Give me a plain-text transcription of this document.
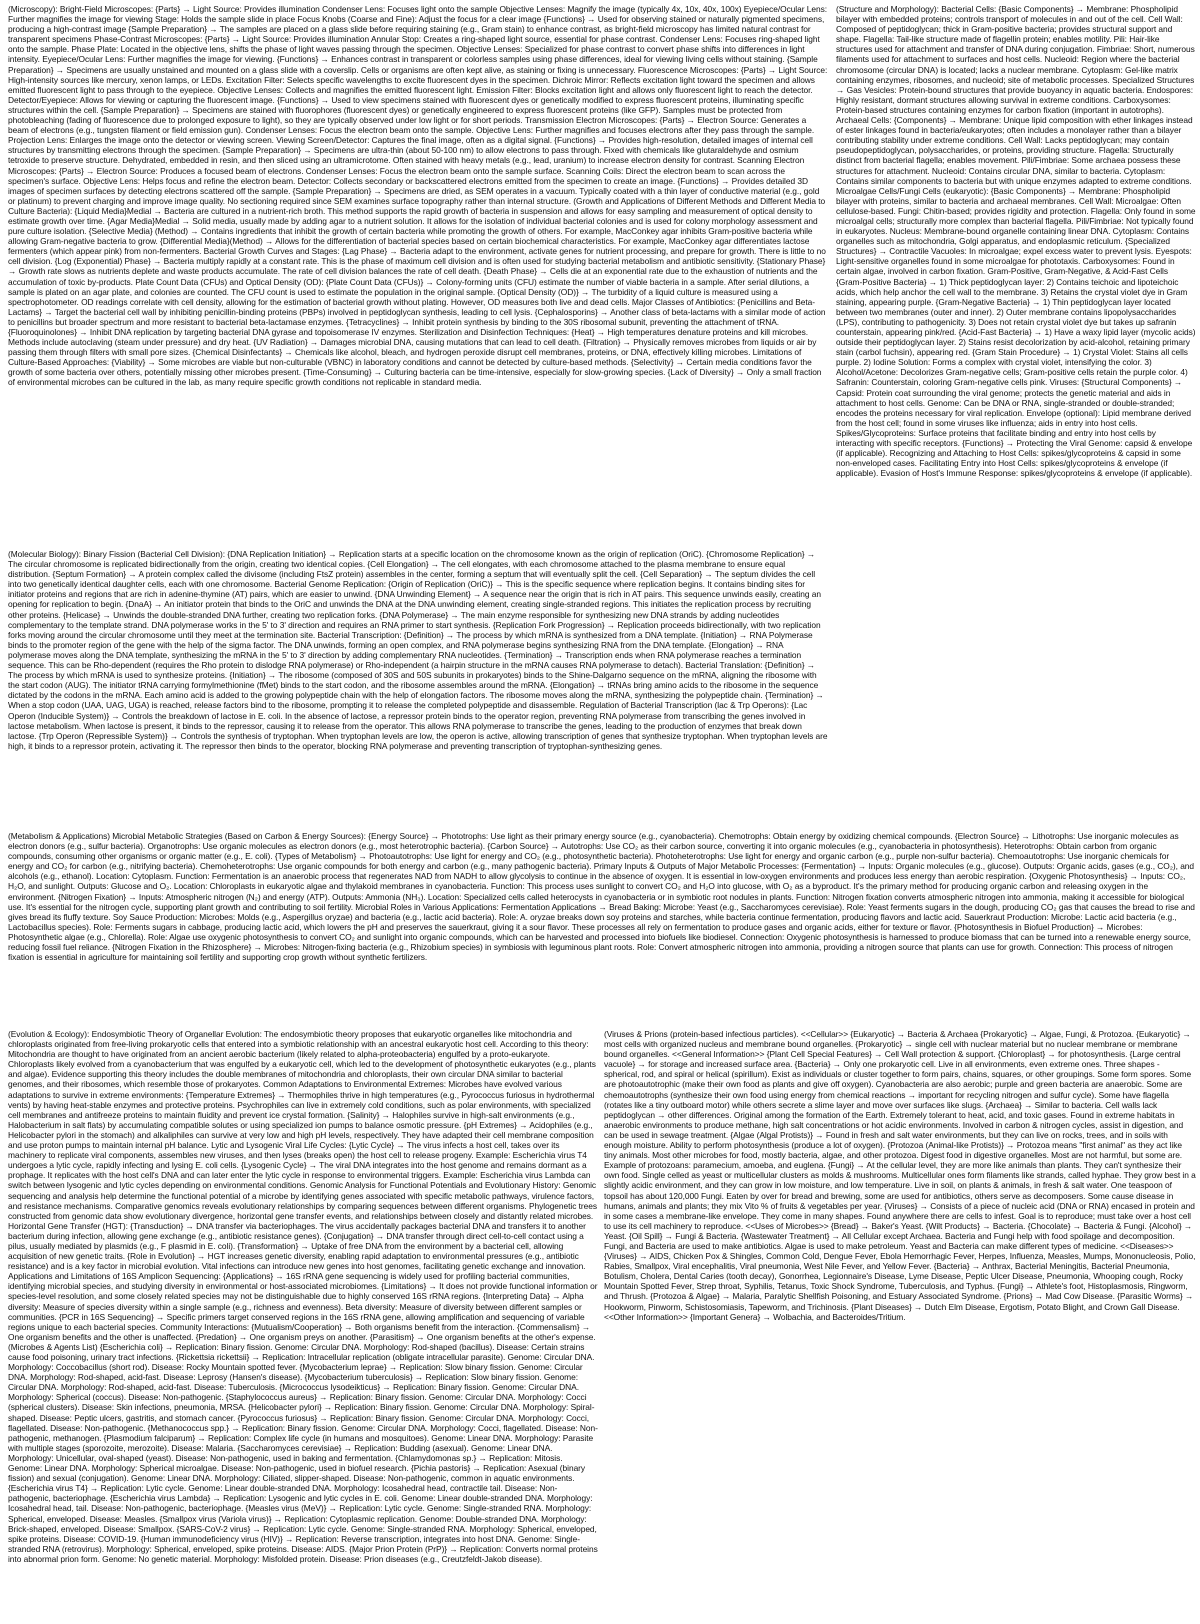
(Microscopy): Bright-Field Microscopes: {Parts} → Light Source: Provides illumination Condenser Lens: Focuses light onto the sample Objective Lenses: Magnify the image (typically 4x, 10x, 40x, 100x) Eyepiece/Ocular Lens: Further magnifies the image for viewing Stage: Holds the sample slide in place Focus Knobs (Coarse and Fine): Adjust the focus for a clear image {Functions} → Used for observing stained or naturally pigmented specimens, producing a high-contrast image {Sample Preparation} → The samples are placed on a glass slide before requiring staining (e.g., Gram stain) to enhance contrast, as bright-field microscopy has limited natural contrast for transparent specimens Phase-Contrast Microscopes: {Parts} → Light Source: Provides illumination Annular Stop: Creates a ring-shaped light source, essential for phase contrast. Condenser Lens: Focuses ring-shaped light onto the sample. Phase Plate: Located in the objective lens, shifts the phase of light waves passing through the specimen. Objective Lenses: Specialized for phase contrast to convert phase shifts into differences in light intensity. Eyepiece/Ocular Lens: Further magnifies the image for viewing. {Functions} → Enhances contrast in transparent or colorless samples using phase differences, ideal for viewing living cells without staining. {Sample Preparation} → Specimens are usually unstained and mounted on a glass slide with a coverslip. Cells or organisms are often kept alive, as staining or fixing is unnecessary. Fluorescence Microscopes: {Parts} → Light Source: High-intensity sources like mercury, xenon lamps, or LEDs. Excitation Filter: Selects specific wavelengths to excite fluorescent dyes in the specimen. Dichroic Mirror: Reflects excitation light toward the specimen and allows emitted fluorescent light to pass through to the eyepiece. Objective Lenses: Collects and magnifies the emitted fluorescent light. Emission Filter: Blocks excitation light and allows only fluorescent light to reach the detector. Detector/Eyepiece: Allows for viewing or capturing the fluorescent image. {Functions} → Used to view specimens stained with fluorescent dyes or genetically modified to express fluorescent proteins, illuminating specific structures within the cell. {Sample Preparation} → Specimens are stained with fluorophores (fluorescent dyes) or genetically engineered to express fluorescent proteins (like GFP). Samples must be protected from photobleaching (fading of fluorescence due to prolonged exposure to light), so they are typically observed under low light or for short periods. Transmission Electron Microscopes: {Parts} → Electron Source: Generates a beam of electrons (e.g., tungsten filament or field emission gun). Condenser Lenses: Focus the electron beam onto the sample. Objective Lens: Further magnifies and focuses electrons after they pass through the sample. Projection Lens: Enlarges the image onto the detector or viewing screen. Viewing Screen/Detector: Captures the final image, often as a digital signal. {Functions} → Provides high-resolution, detailed images of internal cell structures by transmitting electrons through the specimen. {Sample Preparation} → Specimens are ultra-thin (about 50-100 nm) to allow electrons to pass through. Fixed with chemicals like glutaraldehyde and osmium tetroxide to preserve structure. Dehydrated, embedded in resin, and then sliced using an ultramicrotome. Often stained with heavy metals (e.g., lead, uranium) to increase electron density for contrast. Scanning Electron Microscopes: {Parts} → Electron Source: Produces a focused beam of electrons. Condenser Lenses: Focus the electron beam onto the sample surface. Scanning Coils: Direct the electron beam to scan across the specimen's surface. Objective Lens: Helps focus and refine the electron beam. Detector: Collects secondary or backscattered electrons emitted from the specimen to create an image. {Functions} → Provides detailed 3D images of specimen surfaces by detecting electrons scattered off the sample. {Sample Preparation} → Specimens are dried, as SEM operates in a vacuum. Typically coated with a thin layer of conductive material (e.g., gold or platinum) to prevent charging and improve image quality. No sectioning required since SEM examines surface topography rather than internal structure. (Growth and Applications of Different Methods and Different Media to Culture Bacteria): {Liquid Media}Medial → Bacteria are cultured in a nutrient-rich broth. This method supports the rapid growth of bacteria in suspension and allows for easy sampling and measurement of optical density to estimate growth over time. {Agar Media}Medial → Solid media, usually made by adding agar to a nutrient solution. It allows for the isolation of individual bacterial colonies and is used for colony morphology assessment and pure culture isolation. {Selective Media} (Method) → Contains ingredients that inhibit the growth of certain bacteria while promoting the growth of others. For example, MacConkey agar inhibits Gram-positive bacteria while allowing Gram-negative bacteria to grow. {Differential Media}(Method) → Allows for the differentiation of bacterial species based on certain biochemical characteristics. For example, MacConkey agar differentiates lactose fermenters (which appear pink) from non-fermenters. Bacterial Growth Curves and Stages: {Lag Phase} → Bacteria adapt to the environment, activate genes for nutrient processing, and prepare for growth. There is little to no cell division. {Log (Exponential) Phase} → Bacteria multiply rapidly at a constant rate. This is the phase of maximum cell division and is often used for studying bacterial metabolism and antibiotic sensitivity. {Stationary Phase} → Growth rate slows as nutrients deplete and waste products accumulate. The rate of cell division balances the rate of cell death. {Death Phase} → Cells die at an exponential rate due to the exhaustion of nutrients and the accumulation of toxic by-products. Plate Count Data (CFUs) and Optical Density (OD): {Plate Count Data (CFUs)} → Colony-forming units (CFU) estimate the number of viable bacteria in a sample. After serial dilutions, a sample is plated on an agar plate, and colonies are counted. The CFU count is used to estimate the population in the original sample. {Optical Density (OD)} → The turbidity of a liquid culture is measured using a spectrophotometer. OD readings correlate with cell density, allowing for the estimation of bacterial growth without plating. However, OD measures both live and dead cells. Major Classes of Antibiotics: {Penicillins and Beta-Lactams} → Target the bacterial cell wall by inhibiting penicillin-binding proteins (PBPs) involved in peptidoglycan synthesis, leading to cell lysis. {Cephalosporins} → Another class of beta-lactams with a similar mode of action to penicillins but broader spectrum and more resistant to bacterial beta-lactamase enzymes. {Tetracyclines} → Inhibit protein synthesis by binding to the 30S ribosomal subunit, preventing the attachment of tRNA. {Fluoroquinolones} → Inhibit DNA replication by targeting bacterial DNA gyrase and topoisomerase IV enzymes. Sterilization and Disinfection Techniques: {Heat} → High temperatures denature proteins and kill microbes. Methods include autoclaving (steam under pressure) and dry heat. {UV Radiation} → Damages microbial DNA, causing mutations that can lead to cell death. {Filtration} → Physically removes microbes from liquids or air by passing them through filters with small pore sizes. {Chemical Disinfectants} → Chemicals like alcohol, bleach, and hydrogen peroxide disrupt cell membranes, proteins, or DNA, effectively killing microbes. Limitations of Culture-Based Approaches: {Viability} → Some microbes are viable but non-culturable (VBNC) in laboratory conditions and cannot be detected by culture-based methods. {Selectivity} → Certain media conditions favor the growth of some bacteria over others, potentially missing other microbes present. {Time-Consuming} → Culturing bacteria can be time-intensive, especially for slow-growing species. {Lack of Diversity} → Only a small fraction of environmental microbes can be cultured in the lab, as many require specific growth conditions not replicable in standard media.

(Structure and Morphology): Bacterial Cells: {Basic Components} → Membrane: Phospholipid bilayer with embedded proteins; controls transport of molecules in and out of the cell. Cell Wall: Composed of peptidoglycan; thick in Gram-positive bacteria; provides structural support and shape. Flagella: Tail-like structure made of flagellin protein; enables motility. Pili: Hair-like structures used for attachment and transfer of DNA during conjugation. Fimbriae: Short, numerous filaments used for attachment to surfaces and host cells. Nucleoid: Region where the bacterial chromosome (circular DNA) is located; lacks a nuclear membrane. Cytoplasm: Gel-like matrix containing enzymes, ribosomes, and nucleoid; site of metabolic processes. Specialized Structures → Gas Vesicles: Protein-bound structures that provide buoyancy in aquatic bacteria. Endospores: Highly resistant, dormant structures allowing survival in extreme conditions. Carboxysomes: Protein-based structures containing enzymes for carbon fixation (important in autotrophs). Archaeal Cells: {Components} → Membrane: Unique lipid composition with ether linkages instead of ester linkages found in bacteria/eukaryotes; often includes a monolayer rather than a bilayer contributing stability under extreme conditions. Cell Wall: Lacks peptidoglycan; may contain pseudopeptidoglycan, polysaccharides, or proteins, providing structure. Flagella: Structurally distinct from bacterial flagella; enables movement. Pili/Fimbriae: Some archaea possess these structures for attachment. Nucleoid: Contains circular DNA, similar to bacteria. Cytoplasm: Contains similar components to bacteria but with unique enzymes adapted to extreme conditions. Microalgae Cells/Fungi Cells (eukaryotic): {Basic Components} → Membrane: Phospholipid bilayer with proteins, similar to bacteria and archaeal membranes. Cell Wall: Microalgae: Often cellulose-based. Fungi: Chitin-based; provides rigidity and protection. Flagella: Only found in some microalgal cells; structurally more complex than bacterial flagella. Pili/Fimbriae: Not typically found in eukaryotes. Nucleus: Membrane-bound organelle containing linear DNA. Cytoplasm: Contains organelles such as mitochondria, Golgi apparatus, and endoplasmic reticulum. {Specialized Structures} → Contractile Vacuoles: In microalgae; expel excess water to prevent lysis. Eyespots: Light-sensitive organelles found in some microalgae for phototaxis. Carboxysomes: Found in certain algae, involved in carbon fixation. Gram-Positive, Gram-Negative, & Acid-Fast Cells {Gram-Positive Bacteria} → 1) Thick peptidoglycan layer: 2) Contains teichoic and lipoteichoic acids, which help anchor the cell wall to the membrane. 3) Retains the crystal violet dye in Gram staining, appearing purple. {Gram-Negative Bacteria} → 1) Thin peptidoglycan layer located between two membranes (outer and inner). 2) Outer membrane contains lipopolysaccharides (LPS), contributing to pathogenicity. 3) Does not retain crystal violet dye but takes up safranin counterstain, appearing pink/red. {Acid-Fast Bacteria} → 1) Have a waxy lipid layer (mycolic acids) outside their peptidoglycan layer. 2) Stains resist decolorization by acid-alcohol, retaining primary stain (carbol fuchsin), appearing red. {Gram Stain Procedure} → 1) Crystal Violet: Stains all cells purple. 2) Iodine Solution: Forms a complex with crystal violet, intensifying the color. 3) Alcohol/Acetone: Decolorizes Gram-negative cells; Gram-positive cells retain the purple color. 4) Safranin: Counterstain, coloring Gram-negative cells pink. Viruses: {Structural Components} → Capsid: Protein coat surrounding the viral genome; protects the genetic material and aids in attachment to host cells. Genome: Can be DNA or RNA, single-stranded or double-stranded; encodes the proteins necessary for viral replication. Envelope (optional): Lipid membrane derived from the host cell; found in some viruses like influenza; aids in entry into host cells. Spikes/Glycoproteins: Surface proteins that facilitate binding and entry into host cells by interacting with specific receptors. {Functions} → Protecting the Viral Genome: capsid & envelope (if applicable). Recognizing and Attaching to Host Cells: spikes/glycoproteins & capsid in some non-enveloped cases. Facilitating Entry into Host Cells: spikes/glycoproteins & envelope (if applicable). Evasion of Host's Immune Response: spikes/glycoproteins & envelope (if applicable).

(Molecular Biology): Binary Fission (Bacterial Cell Division): {DNA Replication Initiation} → Replication starts at a specific location on the chromosome known as the origin of replication (OriC). {Chromosome Replication} → The circular chromosome is replicated bidirectionally from the origin, creating two identical copies. {Cell Elongation} → The cell elongates, with each chromosome attached to the plasma membrane to ensure equal distribution. {Septum Formation} → A protein complex called the divisome (including FtsZ protein) assembles in the center, forming a septum that will eventually split the cell. {Cell Separation} → The septum divides the cell into two genetically identical daughter cells, each with one chromosome. Bacterial Genome Replication: {Origin of Replication (OriC)} → This is the specific sequence where replication begins. It contains binding sites for initiator proteins and regions that are rich in adenine-thymine (AT) pairs, which are easier to unwind. {DNA Unwinding Element} → A sequence near the origin that is rich in AT pairs. This sequence unwinds easily, creating an opening for replication to begin. {DnaA} → An initiator protein that binds to the OriC and unwinds the DNA at the DNA unwinding element, creating single-stranded regions. This initiates the replication process by recruiting other proteins. {Helicase} → Unwinds the double-stranded DNA further, creating two replication forks. {DNA Polymerase} → The main enzyme responsible for synthesizing new DNA strands by adding nucleotides complementary to the template strand. DNA polymerase works in the 5' to 3' direction and requires an RNA primer to start synthesis. {Replication Fork Progression} → Replication proceeds bidirectionally, with two replication forks moving around the circular chromosome until they meet at the termination site. Bacterial Transcription: {Definition} → The process by which mRNA is synthesized from a DNA template. {Initiation} → RNA Polymerase binds to the promoter region of the gene with the help of the sigma factor. The DNA unwinds, forming an open complex, and RNA polymerase begins synthesizing RNA from the DNA template. {Elongation} → RNA polymerase moves along the DNA template, synthesizing the mRNA in the 5' to 3' direction by adding complementary RNA nucleotides. {Termination} → Transcription ends when RNA polymerase reaches a termination sequence. This can be Rho-dependent (requires the Rho protein to dislodge RNA polymerase) or Rho-independent (a hairpin structure in the mRNA causes RNA polymerase to detach). Bacterial Translation: {Definition} → The process by which mRNA is used to synthesize proteins. {Initiation} → The ribosome (composed of 30S and 50S subunits in prokaryotes) binds to the Shine-Dalgarno sequence on the mRNA, aligning the ribosome with the start codon (AUG). The initiator tRNA carrying formylmethionine (fMet) binds to the start codon, and the ribosome assembles around the mRNA. {Elongation} → tRNAs bring amino acids to the ribosome in the sequence dictated by the codons in the mRNA. Each amino acid is added to the growing polypeptide chain with the help of elongation factors. The ribosome moves along the mRNA, synthesizing the polypeptide chain. {Termination} → When a stop codon (UAA, UAG, UGA) is reached, release factors bind to the ribosome, prompting it to release the completed polypeptide and disassemble. Regulation of Bacterial Transcription (lac & Trp Operons): {Lac Operon (Inducible System)} → Controls the breakdown of lactose in E. coli. In the absence of lactose, a repressor protein binds to the operator region, preventing RNA polymerase from transcribing the genes involved in lactose metabolism. When lactose is present, it binds to the repressor, causing it to release from the operator. This allows RNA polymerase to transcribe the genes, leading to the production of enzymes that break down lactose. {Trp Operon (Repressible System)} → Controls the synthesis of tryptophan. When tryptophan levels are low, the operon is active, allowing transcription of genes that synthesize tryptophan. When tryptophan levels are high, it binds to a repressor protein, activating it. The repressor then binds to the operator, blocking RNA polymerase and preventing transcription of tryptophan-synthesizing genes.

(Metabolism & Applications) Microbial Metabolic Strategies (Based on Carbon & Energy Sources): {Energy Source} → Phototrophs: Use light as their primary energy source (e.g., cyanobacteria). Chemotrophs: Obtain energy by oxidizing chemical compounds. {Electron Source} → Lithotrophs: Use inorganic molecules as electron donors (e.g., sulfur bacteria). Organotrophs: Use organic molecules as electron donors (e.g., most heterotrophic bacteria). {Carbon Source} → Autotrophs: Use CO₂ as their carbon source, converting it into organic molecules (e.g., cyanobacteria in photosynthesis). Heterotrophs: Obtain carbon from organic compounds, consuming other organisms or organic matter (e.g., E. coli). {Types of Metabolism} → Photoautotrophs: Use light for energy and CO₂ (e.g., photosynthetic bacteria). Photoheterotrophs: Use light for energy and organic carbon (e.g., purple non-sulfur bacteria). Chemoautotrophs: Use inorganic chemicals for energy and CO₂ for carbon (e.g., nitrifying bacteria). Chemoheterotrophs: Use organic compounds for both energy and carbon (e.g., many pathogenic bacteria). Primary Inputs & Outputs of Major Metabolic Processes: {Fermentation} → Inputs: Organic molecules (e.g., glucose). Outputs: Organic acids, gases (e.g., CO₂), and alcohols (e.g., ethanol). Location: Cytoplasm. Function: Fermentation is an anaerobic process that regenerates NAD from NADH to allow glycolysis to continue in the absence of oxygen. It is essential in low-oxygen environments and produces less energy than aerobic respiration. {Oxygenic Photosynthesis} → Inputs: CO₂, H₂O, and sunlight. Outputs: Glucose and O₂. Location: Chloroplasts in eukaryotic algae and thylakoid membranes in cyanobacteria. Function: This process uses sunlight to convert CO₂ and H₂O into glucose, with O₂ as a byproduct. It's the primary method for producing organic carbon and releasing oxygen in the environment. {Nitrogen Fixation} → Inputs: Atmospheric nitrogen (N₂) and energy (ATP). Outputs: Ammonia (NH₃). Location: Specialized cells called heterocysts in cyanobacteria or in symbiotic root nodules in plants. Function: Nitrogen fixation converts atmospheric nitrogen into ammonia, making it accessible for biological use. It's essential for the nitrogen cycle, supporting plant growth and contributing to soil fertility. Microbial Roles in Various Applications: Fermentation Applications → Bread Baking: Microbe: Yeast (e.g., Saccharomyces cerevisiae). Role: Yeast ferments sugars in the dough, producing CO₂ gas that causes the bread to rise and gives bread its fluffy texture. Soy Sauce Production: Microbes: Molds (e.g., Aspergillus oryzae) and bacteria (e.g., lactic acid bacteria). Role: A. oryzae breaks down soy proteins and starches, while bacteria continue fermentation, producing flavors and lactic acid. Sauerkraut Production: Microbe: Lactic acid bacteria (e.g., Lactobacillus species). Role: Ferments sugars in cabbage, producing lactic acid, which lowers the pH and preserves the sauerkraut, giving it a sour flavor. These processes all rely on fermentation to produce gases and organic acids, either for texture or flavor. {Photosynthesis in Biofuel Production} → Microbes: Photosynthetic algae (e.g., Chlorella). Role: Algae use oxygenic photosynthesis to convert CO₂ and sunlight into organic compounds, which can be harvested and processed into biofuels like biodiesel. Connection: Oxygenic photosynthesis is harnessed to produce biomass that can be turned into a renewable energy source, reducing fossil fuel reliance. {Nitrogen Fixation in the Rhizosphere} → Microbes: Nitrogen-fixing bacteria (e.g., Rhizobium species) in symbiosis with leguminous plant roots. Role: Convert atmospheric nitrogen into ammonia, providing a nitrogen source that plants can use for growth. Connection: This process of nitrogen fixation is essential in agriculture for maintaining soil fertility and supporting crop growth without synthetic fertilizers.

(Evolution & Ecology): Endosymbiotic Theory of Organellar Evolution: The endosymbiotic theory proposes that eukaryotic organelles like mitochondria and chloroplasts originated from free-living prokaryotic cells that entered into a symbiotic relationship with an ancestral eukaryotic host cell. According to this theory: Mitochondria are thought to have originated from an ancient aerobic bacterium (likely related to alpha-proteobacteria) engulfed by a proto-eukaryote. Chloroplasts likely evolved from a cyanobacterium that was engulfed by a eukaryotic cell, which led to the development of photosynthetic eukaryotes (e.g., plants and algae). Evidence supporting this theory includes the double membranes of mitochondria and chloroplasts, their own circular DNA similar to bacterial genomes, and their ribosomes, which resemble those of prokaryotes. Common Adaptations to Environmental Extremes: Microbes have evolved various adaptations to survive in extreme environments: {Temperature Extremes} → Thermophiles thrive in high temperatures (e.g., Pyrococcus furiosus in hydrothermal vents) by having heat-stable enzymes and protective proteins. Psychrophiles can live in extremely cold conditions, such as polar environments, with specialized cell membranes and antifreeze proteins to maintain fluidity and prevent ice crystal formation. {Salinity} → Halophiles survive in high-salt environments (e.g., Halobacterium in salt flats) by accumulating compatible solutes or using specialized ion pumps to balance osmotic pressure. {pH Extremes} → Acidophiles (e.g., Helicobacter pylori in the stomach) and alkaliphiles can survive at very low and high pH levels, respectively. They have adapted their cell membrane composition and use proton pumps to maintain internal pH balance. Lytic and Lysogenic Viral Life Cycles: {Lytic Cycle} → The virus infects a host cell, takes over its machinery to replicate viral components, assembles new viruses, and then lyses (breaks open) the host cell to release progeny. Example: Escherichia virus T4 undergoes a lytic cycle, rapidly infecting and lysing E. coli cells. {Lysogenic Cycle} → The viral DNA integrates into the host genome and remains dormant as a prophage. It replicates with the host cell's DNA and can later enter the lytic cycle in response to environmental triggers. Example: Escherichia virus Lambda can switch between lysogenic and lytic cycles depending on environmental conditions. Genomic Analysis for Functional Potentials and Evolutionary History: Genomic sequencing and analysis help determine the functional potential of a microbe by identifying genes associated with specific metabolic pathways, virulence factors, and resistance mechanisms. Comparative genomics reveals evolutionary relationships by comparing sequences between different organisms. Phylogenetic trees constructed from genomic data show evolutionary divergence, horizontal gene transfer events, and relationships between closely and distantly related microbes. Horizontal Gene Transfer (HGT): {Transduction} → DNA transfer via bacteriophages. The virus accidentally packages bacterial DNA and transfers it to another bacterium during infection, allowing gene exchange (e.g., antibiotic resistance genes). {Conjugation} → DNA transfer through direct cell-to-cell contact using a pilus, usually mediated by plasmids (e.g., F plasmid in E. coli). {Transformation} → Uptake of free DNA from the environment by a bacterial cell, allowing acquisition of new genetic traits. {Role in Evolution} → HGT increases genetic diversity, enabling rapid adaptation to environmental pressures (e.g., antibiotic resistance) and is a key factor in microbial evolution. Vital infections can introduce new genes into host genomes, facilitating genetic exchange and innovation. Applications and Limitations of 16S Amplicon Sequencing: {Applications} → 16S rRNA gene sequencing is widely used for profiling bacterial communities, identifying microbial species, and studying diversity in environmental or host-associated microbiomes. {Limitations} → It does not provide functional information or species-level resolution, and some closely related species may not be distinguishable due to highly conserved 16S rRNA regions. {Interpreting Data} → Alpha diversity: Measure of species diversity within a single sample (e.g., richness and evenness). Beta diversity: Measure of diversity between different samples or communities. {PCR in 16S Sequencing} → Specific primers target conserved regions in the 16S rRNA gene, allowing amplification and sequencing of variable regions unique to each bacterial species. Community Interactions: {Mutualism/Cooperation} → Both organisms benefit from the interaction. {Commensalism} → One organism benefits and the other is unaffected. {Predation} → One organism preys on another. {Parasitism} → One organism benefits at the other's expense. (Microbes & Agents List) {Escherichia coli} → Replication: Binary fission. Genome: Circular DNA. Morphology: Rod-shaped (bacillus). Disease: Certain strains cause food poisoning, urinary tract infections. {Rickettsia rickettsii} → Replication: Intracellular replication (obligate intracellular parasite). Genome: Circular DNA. Morphology: Coccobacillus (short rod). Disease: Rocky Mountain spotted fever. {Mycobacterium leprae} → Replication: Slow binary fission. Genome: Circular DNA. Morphology: Rod-shaped, acid-fast. Disease: Leprosy (Hansen's disease). {Mycobacterium tuberculosis} → Replication: Slow binary fission. Genome: Circular DNA. Morphology: Rod-shaped, acid-fast. Disease: Tuberculosis. {Micrococcus lysodeikticus} → Replication: Binary fission. Genome: Circular DNA. Morphology: Spherical (coccus). Disease: Non-pathogenic. {Staphylococcus aureus} → Replication: Binary fission. Genome: Circular DNA. Morphology: Cocci (spherical clusters). Disease: Skin infections, pneumonia, MRSA. {Helicobacter pylori} → Replication: Binary fission. Genome: Circular DNA. Morphology: Spiral-shaped. Disease: Peptic ulcers, gastritis, and stomach cancer. {Pyrococcus furiosus} → Replication: Binary fission. Genome: Circular DNA. Morphology: Cocci, flagellated. Disease: Non-pathogenic. {Methanococcus spp.} → Replication: Binary fission. Genome: Circular DNA. Morphology: Cocci, flagellated. Disease: Non-pathogenic, methanogen. {Plasmodium falciparum} → Replication: Complex life cycle (in humans and mosquitoes). Genome: Linear DNA. Morphology: Parasite with multiple stages (sporozoite, merozoite). Disease: Malaria. {Saccharomyces cerevisiae} → Replication: Budding (asexual). Genome: Linear DNA. Morphology: Unicellular, oval-shaped (yeast). Disease: Non-pathogenic, used in baking and fermentation. {Chlamydomonas sp.} → Replication: Mitosis. Genome: Linear DNA. Morphology: Spherical microalgae. Disease: Non-pathogenic, used in biofuel research. {Pichia pastoris} → Replication: Asexual (binary fission) and sexual (conjugation). Genome: Linear DNA. Morphology: Ciliated, slipper-shaped. Disease: Non-pathogenic, common in aquatic environments. {Escherichia virus T4} → Replication: Lytic cycle. Genome: Linear double-stranded DNA. Morphology: Icosahedral head, contractile tail. Disease: Non-pathogenic, bacteriophage. {Escherichia virus Lambda} → Replication: Lysogenic and lytic cycles in E. coli. Genome: Linear double-stranded DNA. Morphology: Icosahedral head, tail. Disease: Non-pathogenic, bacteriophage. {Measles virus (MeV)} → Replication: Lytic cycle. Genome: Single-stranded RNA. Morphology: Spherical, enveloped. Disease: Measles. {Smallpox virus (Variola virus)} → Replication: Cytoplasmic replication. Genome: Double-stranded DNA. Morphology: Brick-shaped, enveloped. Disease: Smallpox. {SARS-CoV-2 virus} → Replication: Lytic cycle. Genome: Single-stranded RNA. Morphology: Spherical, enveloped, spike proteins. Disease: COVID-19. {Human immunodeficiency virus (HIV)} → Replication: Reverse transcription, integrates into host DNA. Genome: Single-stranded RNA (retrovirus). Morphology: Spherical, enveloped, spike proteins. Disease: AIDS. {Major Prion Protein (PrP)} → Replication: Converts normal proteins into abnormal prion form. Genome: No genetic material. Morphology: Misfolded protein. Disease: Prion diseases (e.g., Creutzfeldt-Jakob disease).

(Viruses & Prions (protein-based infectious particles). <<Cellular>> {Eukaryotic} → Bacteria & Archaea {Prokaryotic} → Algae, Fungi, & Protozoa. {Eukaryotic} → most cells with organized nucleus and membrane bound organelles. {Prokaryotic} → single cell with nuclear material but no nuclear membrane or membrane bound organelles. <<General Information>> {Plant Cell Special Features} → Cell Wall protection & support. {Chloroplast} → for photosynthesis. {Large central vacuole} → for storage and increased surface area. {Bacteria} → Only one prokaryotic cell. Live in all environments, even extreme ones. Three shapes - spherical, rod, and spiral or helical (spirillum). Exist as individuals or cluster together to form pairs, chains, squares, or other groupings. Some form spores. Some are photoautotrophic (make their own food as plants and give off oxygen). Cyanobacteria are also aerobic; purple and green bacteria are anaerobic. Some are chemoautotrophs (synthesize their own food using energy from chemical reactions → important for recycling nitrogen and sulfur cycle). Some have flagella (rotates like a tiny outboard motor) while others secrete a slime layer and move over surfaces like slugs. {Archaea} → Similar to bacteria. Cell walls lack peptidoglycan → other differences. Original among the formation of the Earth. Extremely tolerant to heat, acid, and toxic gases. Found in extreme habitats in anaerobic environments to produce methane, high salt concentrations or hot acidic environments. Involved in carbon & nitrogen cycles, assist in digestion, and can be used in sewage treatment. {Algae (Algal Protists)} → Found in fresh and salt water environments, but they can live on rocks, trees, and in soils with enough moisture. Ability to perform photosynthesis (produce a lot of oxygen). {Protozoa (Animal-like Protists)} → Protozoa means "first animal" as they act like tiny animals. Most other microbes for food, mostly bacteria, algae, and other protozoa. Digest food in digestive organelles. Most are not harmful, but some are. Example of protozoans: paramecium, amoeba, and euglena. {Fungi} → At the cellular level, they are more like animals than plants. They can't synthesize their own food. Single celled as yeast or multicellular clusters as molds & mushrooms. Multicellular ones form filaments like strands, called hyphae. They grow best in a slightly acidic environment, and they can grow in low moisture, and low temperature. Live in soil, on plants & animals, in fresh & salt water. One teaspoon of topsoil has about 120,000 Fungi. Eaten by over for bread and brewing, some are used for antibiotics, others serve as decomposers. Some cause disease in humans, animals and plants; they mix Vito % of fruits & vegetables per year. {Viruses} → Consists of a piece of nucleic acid (DNA or RNA) encased in protein and in some cases a membrane-like envelope. They come in many shapes. Found anywhere there are cells to infest. Goal is to reproduce; must take over a host cell to use its cell machinery to reproduce. <<Uses of Microbes>> {Bread} → Baker's Yeast. {Wilt Products} → Bacteria. {Chocolate} → Bacteria & Fungi. {Alcohol} → Yeast. {Oil Spill} → Fungi & Bacteria. {Wastewater Treatment} → All Cellular except Archaea. Bacteria and Fungi help with food spoilage and decomposition. Fungi, and Bacteria are used to make antibiotics. Algae is used to make petroleum. Yeast and Bacteria can make different types of medicine. <<Diseases>> {Viruses} → AIDS, Chicken Pox & Shingles, Common Cold, Dengue Fever, Ebola Hemorrhagic Fever, Herpes, Influenza, Measles, Mumps, Mononucleosis, Polio, Rabies, Smallpox, Viral encephalitis, Viral pneumonia, West Nile Fever, and Yellow Fever. {Bacteria} → Anthrax, Bacterial Meningitis, Bacterial Pneumonia, Botulism, Cholera, Dental Caries (tooth decay), Gonorrhea, Legionnaire's Disease, Lyme Disease, Peptic Ulcer Disease, Pneumonia, Whooping cough, Rocky Mountain Spotted Fever, Strep throat, Syphilis, Tetanus, Toxic Shock Syndrome, Tuberculosis, and Typhus. {Fungi} → Athlete's foot, Histoplasmosis, Ringworm, and Thrush. {Protozoa & Algae} → Malaria, Paralytic Shellfish Poisoning, and Estuary Associated Syndrome. {Prions} → Mad Cow Disease. {Parasitic Worms} → Hookworm, Pinworm, Schistosomiasis, Tapeworm, and Trichinosis. {Plant Diseases} → Dutch Elm Disease, Ergotism, Potato Blight, and Crown Gall Disease. <<Other Information>> {Important Genera} → Wolbachia, and Bacteroides/Tritium.
